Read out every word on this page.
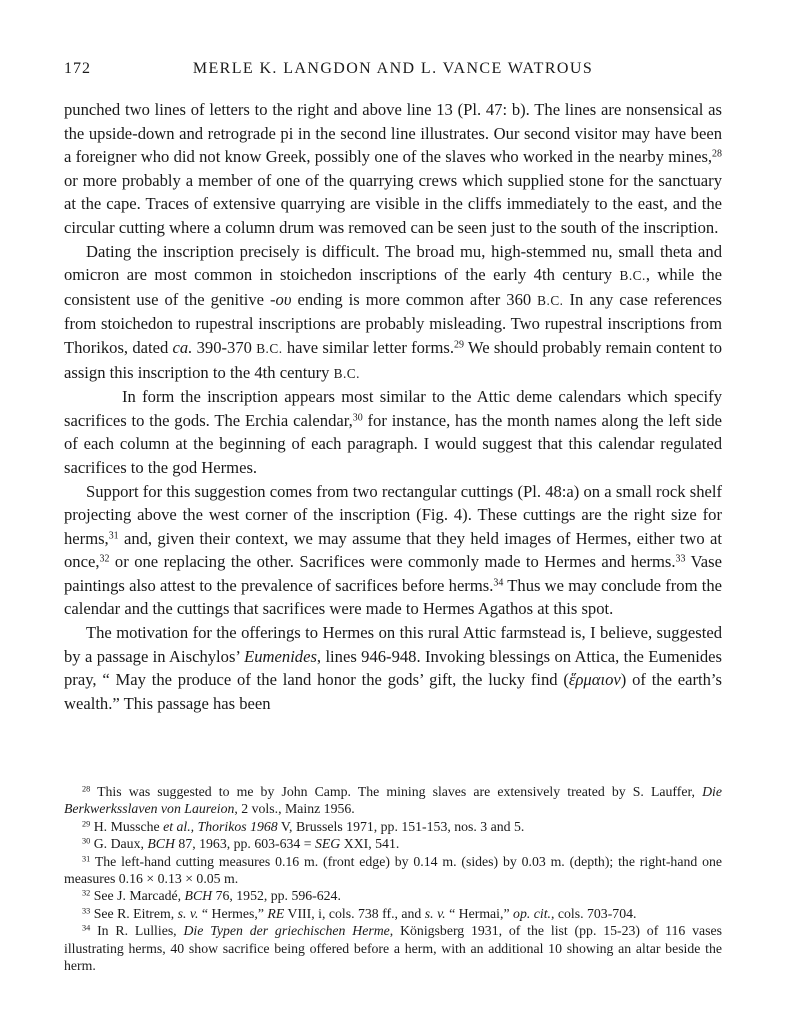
172	MERLE K. LANGDON AND L. VANCE WATROUS

punched two lines of letters to the right and above line 13 (Pl. 47: b). The lines are nonsensical as the upside-down and retrograde pi in the second line illustrates. Our second visitor may have been a foreigner who did not know Greek, possibly one of the slaves who worked in the nearby mines,$^{28}$ or more probably a member of one of the quarrying crews which supplied stone for the sanctuary at the cape. Traces of extensive quarrying are visible in the cliffs immediately to the east, and the circular cutting where a column drum was removed can be seen just to the south of the inscription.

Dating the inscription precisely is difficult. The broad mu, high-stemmed nu, small theta and omicron are most common in stoichedon inscriptions of the early 4th century B.C., while the consistent use of the genitive -ου ending is more common after 360 B.C. In any case references from stoichedon to rupestral inscriptions are probably misleading. Two rupestral inscriptions from Thorikos, dated ca. 390-370 B.C. have similar letter forms.$^{29}$ We should probably remain content to assign this inscription to the 4th century B.C.

In form the inscription appears most similar to the Attic deme calendars which specify sacrifices to the gods. The Erchia calendar,$^{30}$ for instance, has the month names along the left side of each column at the beginning of each paragraph. I would suggest that this calendar regulated sacrifices to the god Hermes.

Support for this suggestion comes from two rectangular cuttings (Pl. 48:a) on a small rock shelf projecting above the west corner of the inscription (Fig. 4). These cuttings are the right size for herms,$^{31}$ and, given their context, we may assume that they held images of Hermes, either two at once,$^{32}$ or one replacing the other. Sacrifices were commonly made to Hermes and herms.$^{33}$ Vase paintings also attest to the prevalence of sacrifices before herms.$^{34}$ Thus we may conclude from the calendar and the cuttings that sacrifices were made to Hermes Agathos at this spot.

The motivation for the offerings to Hermes on this rural Attic farmstead is, I believe, suggested by a passage in Aischylos’ Eumenides, lines 946-948. Invoking blessings on Attica, the Eumenides pray, “ May the produce of the land honor the gods’ gift, the lucky find (ἕρμαιον) of the earth’s wealth.” This passage has been

$^{28}$ This was suggested to me by John Camp. The mining slaves are extensively treated by S. Lauffer, Die Berkwerksslaven von Laureion, 2 vols., Mainz 1956.

$^{29}$ H. Mussche et al., Thorikos 1968 V, Brussels 1971, pp. 151-153, nos. 3 and 5.

$^{30}$ G. Daux, BCH 87, 1963, pp. 603-634 = SEG XXI, 541.

$^{31}$ The left-hand cutting measures 0.16 m. (front edge) by 0.14 m. (sides) by 0.03 m. (depth); the right-hand one measures 0.16 × 0.13 × 0.05 m.

$^{32}$ See J. Marcadé, BCH 76, 1952, pp. 596-624.

$^{33}$ See R. Eitrem, s. v. “ Hermes,” RE VIII, i, cols. 738 ff., and s. v. “ Hermai,” op. cit., cols. 7⁠03-704.

$^{34}$ In R. Lullies, Die Typen der griechischen Herme, Königsberg 1931, of the list (pp. 15-23) of 116 vases illustrating herms, 40 show sacrifice being offered before a herm, with an additional 10 showing an altar beside the herm.
